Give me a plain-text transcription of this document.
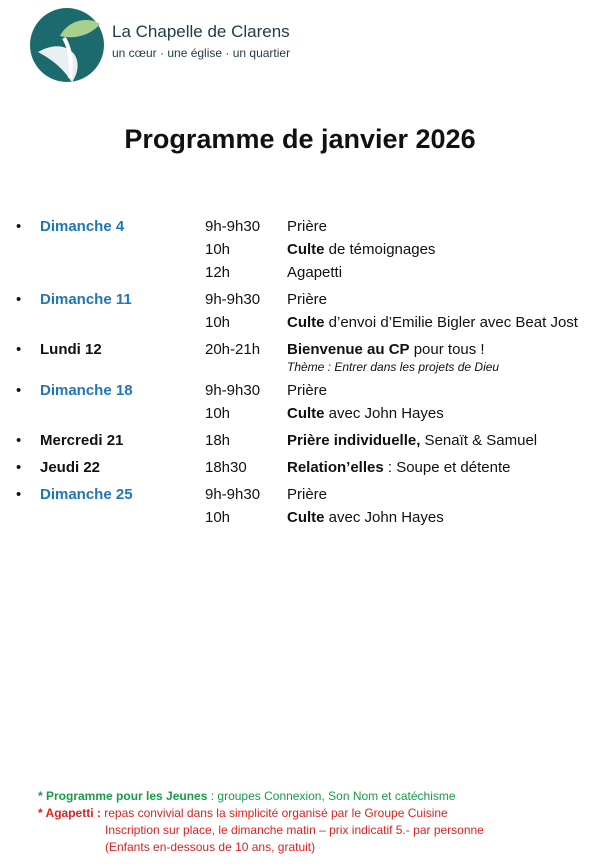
La Chapelle de Clarens
un cœur · une église · un quartier
Programme de janvier 2026
• Dimanche 4	9h-9h30	Prière
10h	Culte de témoignages
12h	Agapetti
• Dimanche 11	9h-9h30	Prière
10h	Culte d’envoi d’Emilie Bigler avec Beat Jost
• Lundi 12	20h-21h	Bienvenue au CP pour tous !
Thème : Entrer dans les projets de Dieu
• Dimanche 18	9h-9h30	Prière
10h	Culte avec John Hayes
• Mercredi 21	18h	Prière individuelle, Senaït & Samuel
• Jeudi 22	18h30	Relation’elles : Soupe et détente
• Dimanche 25	9h-9h30	Prière
10h	Culte avec John Hayes
* Programme pour les Jeunes : groupes Connexion, Son Nom et catéchisme
* Agapetti : repas convivial dans la simplicité organisé par le Groupe Cuisine
Inscription sur place, le dimanche matin – prix indicatif 5.- par personne
(Enfants en-dessous de 10 ans, gratuit)
